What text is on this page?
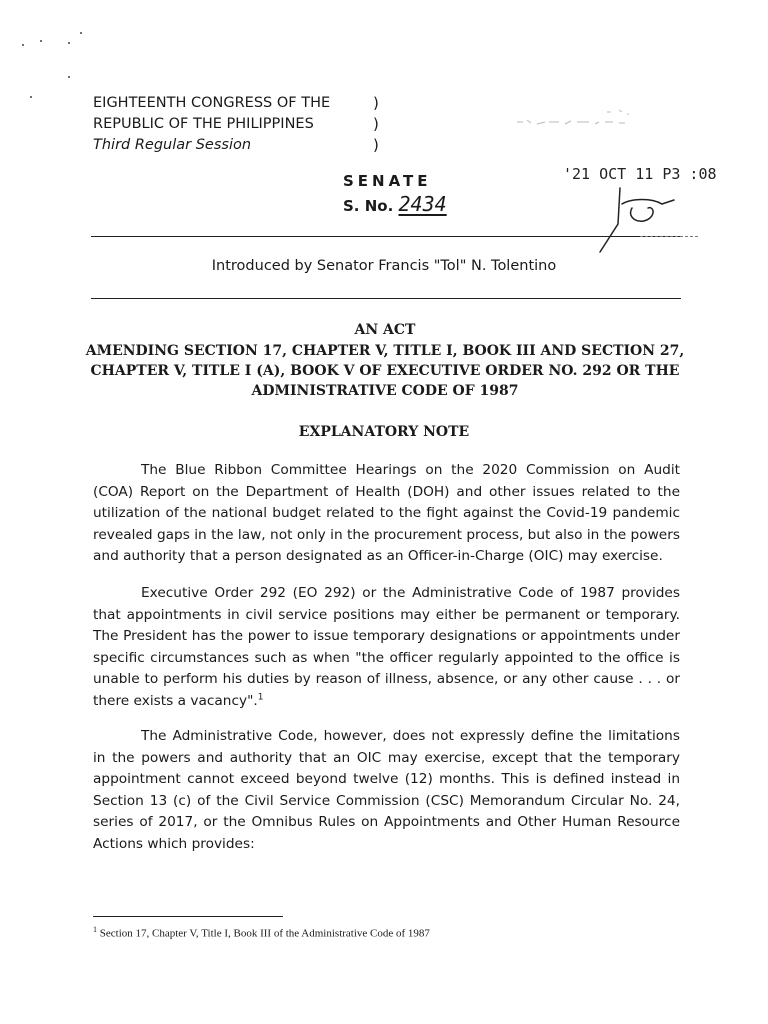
EIGHTEENTH CONGRESS OF THE
REPUBLIC OF THE PHILIPPINES
Third Regular Session
)
)
)
SENATE
S. No. 2434
'21 OCT 11 P3 :08
Introduced by Senator Francis "Tol" N. Tolentino
AN ACT
AMENDING SECTION 17, CHAPTER V, TITLE I, BOOK III AND SECTION 27,
CHAPTER V, TITLE I (A), BOOK V OF EXECUTIVE ORDER NO. 292 OR THE
ADMINISTRATIVE CODE OF 1987
EXPLANATORY NOTE
The Blue Ribbon Committee Hearings on the 2020 Commission on Audit (COA) Report on the Department of Health (DOH) and other issues related to the utilization of the national budget related to the fight against the Covid-19 pandemic revealed gaps in the law, not only in the procurement process, but also in the powers and authority that a person designated as an Officer-in-Charge (OIC) may exercise.
Executive Order 292 (EO 292) or the Administrative Code of 1987 provides that appointments in civil service positions may either be permanent or temporary. The President has the power to issue temporary designations or appointments under specific circumstances such as when "the officer regularly appointed to the office is unable to perform his duties by reason of illness, absence, or any other cause . . . or there exists a vacancy".$^1$
The Administrative Code, however, does not expressly define the limitations in the powers and authority that an OIC may exercise, except that the temporary appointment cannot exceed beyond twelve (12) months. This is defined instead in Section 13 (c) of the Civil Service Commission (CSC) Memorandum Circular No. 24, series of 2017, or the Omnibus Rules on Appointments and Other Human Resource Actions which provides:
$^1$ Section 17, Chapter V, Title I, Book III of the Administrative Code of 1987
